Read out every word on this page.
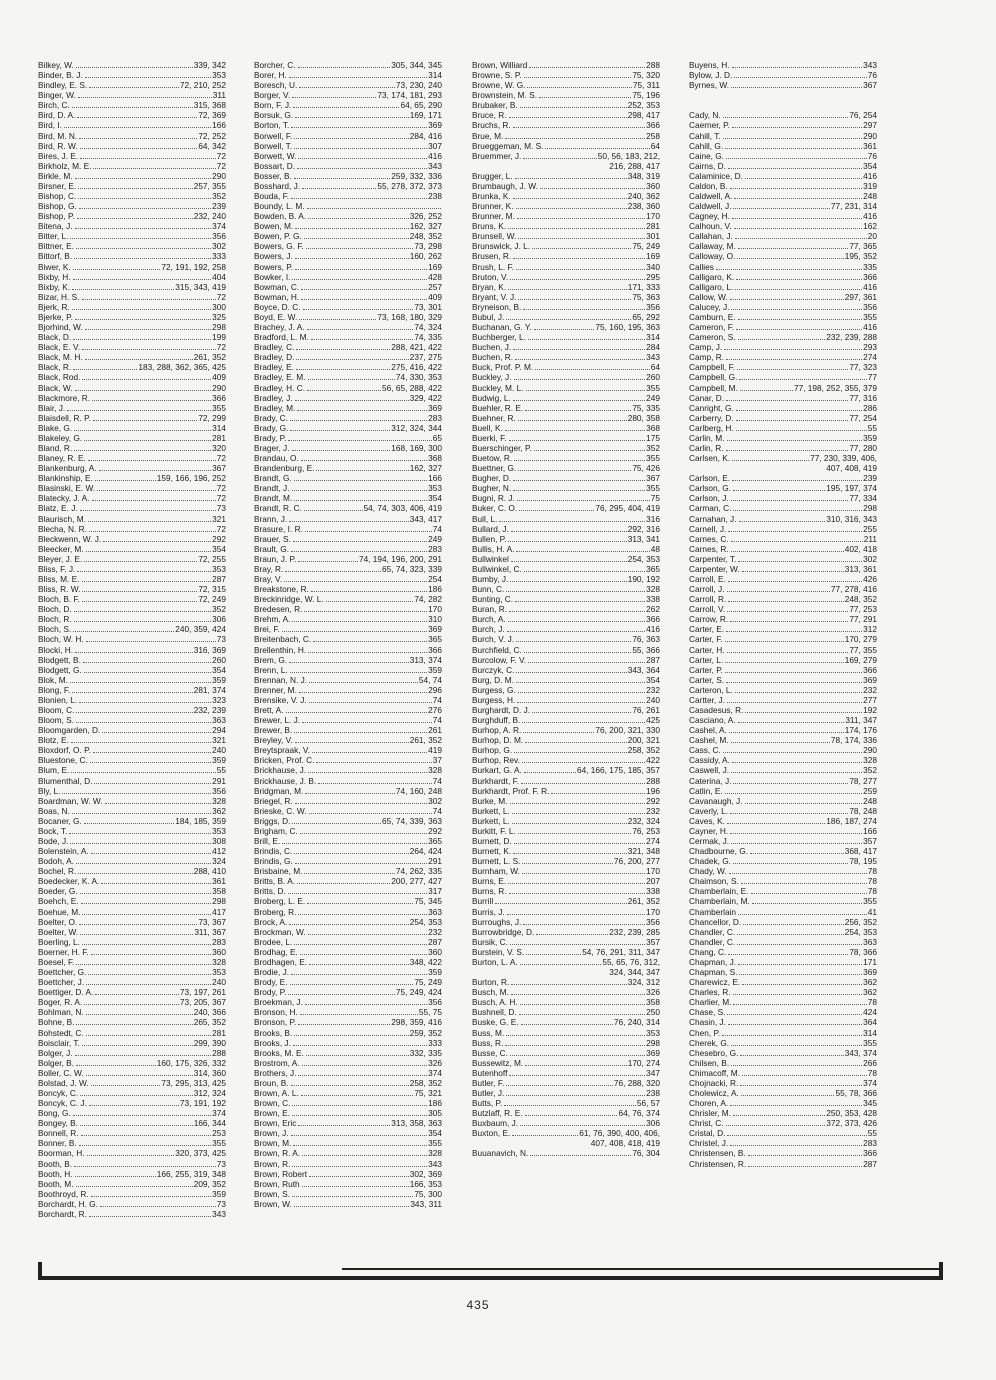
Bilkey, W.	339, 342
Binder, B. J.	353
Bindley, E. S.	72, 210, 252
Binger, W.	311
Birch, C.	315, 368
Bird, D. A.	72, 369
Bird, I.	166
Bird, M. N.	72, 252
Bird, R. W.	64, 342
Bires, J. E.	72
Birkholz, M. E.	72
Birkle, M.	290
Birsner, E.	257, 355
Bishop, C.	352
Bishop, G.	239
Bishop, P.	232, 240
Bitena, J.	374
Bitter, L.	356
Bittner, E.	302
Bittorf, B.	333
Biwer, K.	72, 191, 192, 258
Bixby, H.	404
Bixby, K.	315, 343, 419
Bizar, H. S.	72
Bjerk, R.	300
Bjerke, P.	325
Bjorhind, W.	298
Black, D.	199
Black, E. V.	72
Black, M. H.	261, 352
Black, R.	183, 288, 362, 365, 425
Black, Rod.	409
Black, W.	290
Blackmore, R.	366
Blair, J.	355
Blaisdell, R. P.	72, 299
Blake, G.	314
Blakeley, G.	281
Bland, R.	320
Blaney, R. E.	72
Blankenburg, A.	367
Blankinship, E.	159, 166, 196, 252
Blasinski, E. W.	72
Blatecky, J. A.	72
Blatz, E. J.	73
Blaurisch, M.	321
Blecha, N. R.	72
Bleckwenn, W. J.	292
Bleecker, M.	354
Bleyer, J. E.	72, 255
Bliss, F. J.	353
Bliss, M. E.	287
Bliss, R. W.	72, 315
Bloch, B. F.	72, 249
Bloch, D.	352
Bloch, R.	306
Bloch, S.	240, 359, 424
Bloch, W. H.	73
Blocki, H.	316, 369
Blodgett, B.	260
Blodgett, G.	354
Blok, M.	359
Blong, F.	281, 374
Blonien, L.	323
Bloom, C.	232, 239
Bloom, S.	363
Bloomgarden, D.	294
Blotz, E.	321
Bloxdorf, O. P.	240
Bluestone, C.	359
Blum, E.	55
Blumenthal, D.	291
Bly, L.	356
Boardman, W. W.	328
Boas, N.	362
Bocaner, G.	184, 185, 359
Bock, T.	353
Bode, J.	308
Bolenstein, A.	412
Bodoh, A.	324
Bochel, R.	288, 410
Boedecker, K. A.	361
Boeder, G.	358
Boehch, E.	298
Boehue, M.	417
Boelter, O.	73, 367
Boelter, W.	311, 367
Boerling, L.	283
Boerner, H. F.	360
Boesel, F.	328
Boettcher, G.	353
Boettcher, J.	240
Boettiger, D. A.	73, 197, 261
Boger, R. A.	73, 205, 367
Bohlman, N.	240, 366
Bohne, B.	265, 352
Bohstedt, C.	281
Boisclair, T.	299, 390
Bolger, J.	288
Bolger, B.	160, 175, 326, 332
Boller, C. W.	314, 360
Bolstad, J. W.	73, 295, 313, 425
Boncyk, C.	312, 324
Boncyk, C. J.	73, 191, 192
Bong, G.	374
Bongey, B.	166, 344
Bonnell, R.	253
Bonner, B.	355
Boorman, H.	320, 373, 425
Booth, B.	73
Booth, H.	166, 255, 319, 348
Booth, M.	209, 352
Boothroyd, R.	359
Borchardt, H. G.	73
Borchardt, R.	343
Borcher, C.	305, 344, 345
Borer, H.	314
Boresch, U.	73, 230, 240
Borger, V.	73, 174, 181, 293
Born, F. J.	64, 65, 290
Borsuk, G.	169, 171
Borton, T.	369
Borwell, F.	284, 416
Borwell, T.	307
Borwett, W.	416
Bossart, D.	343
Bosser, B.	259, 332, 336
Bosshard, J.	55, 278, 372, 373
Bouda, F.	238
Boundy, L. M.
Bowden, B. A.	326, 252
Bowen, M.	162, 327
Bowen, P. G.	248, 352
Bowers, G. F.	73, 298
Bowers, J.	160, 262
Bowers, P.	169
Bowker, I.	428
Bowman, C.	257
Bowman, H.	409
Boyce, D. C.	73, 301
Boyd, E. W.	73, 168, 180, 329
Brachey, J. A.	74, 324
Bradford, L. M.	74, 335
Bradley, C.	288, 421, 422
Bradley, D.	237, 275
Bradley, E.	275, 416, 422
Bradley, E. M.	74, 330, 353
Bradley, H. C.	56, 65, 288, 422
Bradley, J.	329, 422
Bradley, M.	369
Brady, C.	283
Brady, G.	312, 324, 344
Brady, P.	65
Brager, J.	168, 169, 300
Brandau, O.	368
Brandenburg, E.	162, 327
Brandt, G.	166
Brandt, J.	353
Brandt, M.	354
Brandt, R. C.	54, 74, 303, 406, 419
Brann, J.	343, 417
Brasure, I. R.	74
Brauer, S.	249
Brault, G.	283
Braun, J. P.	74, 194, 196, 200, 291
Bray, R.	65, 74, 323, 339
Bray, V.	254
Breakstone, R.	186
Breckinridge, W. L.	74, 282
Bredesen, R.	170
Brehm, A.	310
Brei, F.	369
Breitenbach, C.	365
Brellenthin, H.	366
Brem, G.	313, 374
Brenn, L.	359
Brennan, N. J.	54, 74
Brenner, M.	296
Brensike, V. J.	74
Brett, A.	276
Brewer, L. J.	74
Brewer, B.	261
Breyley, V.	261, 352
Breytspraak, V.	419
Bricken, Prof. C.	37
Brickhause, J.	328
Brickhause, J. B.	74
Bridgman, M.	74, 160, 248
Briegel, R.	302
Brieske, C. W.	74
Briggs, D.	65, 74, 339, 363
Brigham, C.	292
Brill, E.	365
Brindis, C.	264, 424
Brindis, G.	291
Brisbaine, M.	74, 262, 335
Britts, B. A.	200, 277, 427
Britts, D.	317
Broberg, L. E.	75, 345
Broberg, R.	363
Brock, A.	254, 353
Brockman, W.	232
Brodee, L.	287
Brodhag, E.	360
Brodhagen, E.	348, 422
Brodie, J.	359
Brody, E.	75, 249
Brody, P.	75, 249, 424
Broekman, J.	356
Bronson, H.	55, 75
Bronson, P.	298, 359, 416
Brooks, B.	259, 352
Brooks, J.	333
Brooks, M. E.	332, 335
Brostrom, A.	326
Brothers, J.	374
Broun, B.	258, 352
Brown, A. L.	75, 321
Brown, C.	186
Brown, E.	305
Brown, Eric	313, 358, 363
Brown, J.	354
Brown, M.	355
Brown, R. A.	328
Brown, R.	343
Brown, Robert	302, 369
Brown, Ruth	166, 353
Brown, S.	75, 300
Brown, W.	343, 311
Brown, Williard	288
Browne, S. P.	75, 320
Browne, W. G.	75, 311
Brownstein, M. S.	75, 196
Brubaker, B.	252, 353
Bruce, R.	298, 417
Bruchs, R.	366
Brue, M.	258
Brueggeman, M. S.	64
Bruemmer, J.	50, 56, 183, 212,
216, 288, 417
Brugger, L.	348, 319
Brumbaugh, J. W.	360
Brunka, K.	240, 362
Brunner, K.	238, 360
Brunner, M.	170
Bruns, K.	281
Brunsell, W.	301
Brunswick, J. L.	75, 249
Brusen, R.	169
Brush, L. F.	340
Bruton, V.	295
Bryan, K.	171, 333
Bryant, V. J.	75, 363
Bryneison, B.	356
Bubul, J.	65, 292
Buchanan, G. Y.	75, 160, 195, 363
Buchberger, L.	314
Buchen, J.	284
Buchen, R.	343
Buck, Prof. P. M.	64
Buckley, J.	260
Buckley, M. L.	355
Budwig, L.	249
Buehler, R. E.	75, 335
Buehner, R.	280, 358
Buell, K.	368
Buerki, F.	175
Buerschinger, P.	352
Buetow, R.	355
Buettner, G.	75, 426
Bugher, D.	367
Bugher, N.	355
Bugni, R. J.	75
Buker, C. O.	76, 295, 404, 419
Bull, L.	316
Bullard, J.	292, 316
Bullen, P.	313, 341
Bullis, H. A.	48
Bullwinkel	254, 353
Bullwinkel, C.	365
Bumby, J.	190, 192
Bunn, C.	328
Bunting, C.	338
Buran, R.	262
Burch, A.	366
Burch, J.	416
Burch, V. J.	76, 363
Burchfield, C.	55, 366
Burcolow, F. V.	287
Burczyk, C.	343, 364
Burg, D. M.	354
Burgess, G.	232
Burgess, H.	240
Burghardt, D. J.	76, 261
Burghduff, B.	425
Burhop, A. R.	76, 200, 321, 330
Burhop, D. M.	200, 321
Burhop, G.	258, 352
Burhop, Rev.	422
Burkart, G. A.	64, 166, 175, 185, 357
Burkhardt, F.	288
Burkhardt, Prof. F. R.	196
Burke, M.	292
Burkett, L.	232
Burkett, L.	232, 324
Burkitt, F. L.	76, 253
Burnett, D.	274
Burnett, K.	321, 348
Burnett, L. S.	76, 200, 277
Burnham, W.	170
Burns, E.	207
Burns, R.	338
Burrill	261, 352
Burris, J.	170
Burroughs, J.	356
Burrowbridge, D.	232, 239, 285
Bursik, C.	357
Burstein, V. S.	54, 76, 291, 311, 347
Burton, L. A.	55, 65, 76, 312,
324, 344, 347
Burton, R.	324, 312
Busch, M.	326
Busch, A. H.	358
Bushnell, D.	250
Buske, G. E.	76, 240, 314
Buss, M.	353
Buss, R.	298
Busse, C.	369
Bussewitz, M.	170, 274
Butenhoff	347
Butler, F.	76, 288, 320
Butler, J.	238
Butts, P.	56, 57
Butzlaff, R. E.	64, 76, 374
Buxbaum, J.	306
Buxton, E.	61, 76, 390, 400, 406,
407, 408, 418, 419
Buuanavich, N.	76, 304
Buyens, H.	343
Bylow, J. D.	76
Byrnes, W.	367

Cady, N.	76, 254
Caerner, P.	297
Cahill, T.	290
Cahill, G.	361
Caine, G.	76
Cairns, D.	354
Calaminice, D.	416
Caldon, B.	319
Caldwell, A.	248
Caldwell, J.	77, 231, 314
Cagney, H.	416
Calhoun, V.	162
Callahan, J.	20
Callaway, M.	77, 365
Calloway, O.	195, 352
Callies	335
Calligaro, K.	366
Calligaro, L.	416
Callow, W.	297, 361
Calucey, J.	356
Camburn, E.	355
Cameron, F.	416
Cameron, S.	232, 239, 288
Camp, J.	293
Camp, R.	274
Campbell, F.	77, 323
Campbell, G.	77
Campbell, M.	77, 198, 252, 355, 379
Canar, D.	77, 316
Canright, G.	286
Carberry, D.	77, 254
Carlberg, H.	55
Carlin, M.	359
Carlin, R.	77, 280
Carlsen, K.	77, 230, 339, 406,
407, 408, 419
Carlson, E.	239
Carlson, G.	195, 197, 374
Carlson, J.	77, 334
Carman, C.	298
Carnahan, J.	310, 316, 343
Carnell, J.	255
Carnes, C.	211
Carnes, R.	402, 418
Carpenter, T.	302
Carpenter, W.	313, 361
Carroll, E.	426
Carroll, J.	77, 278, 416
Carroll, R.	248, 352
Carroll, V.	77, 253
Carrow, R.	77, 291
Carter, E.	312
Carter, F.	170, 279
Carter, H.	77, 355
Carter, L.	169, 279
Carter, P.	366
Carter, S.	369
Carteron, L.	232
Cartter, J.	277
Casadesus, R.	192
Casciano, A.	311, 347
Cashel, A.	174, 176
Cashel, M.	78, 174, 336
Cass, C.	290
Cassidy, A.	328
Caswell, J.	352
Caterina, J.	78, 277
Catlin, E.	259
Cavanaugh, J.	248
Caverly, L.	78, 248
Caves, K.	186, 187, 274
Cayner, H.	166
Cermak, J.	357
Chadbourne, G.	368, 417
Chadek, G.	78, 195
Chady, W.	78
Chaimson, S.	78
Chamberlain, E.	78
Chamberlain, M.	355
Chamberlain	41
Chancellor, D.	256, 352
Chandler, C.	254, 353
Chandler, C.	363
Chang, C.	78, 366
Chapman, J.	171
Chapman, S.	369
Charewicz, E.	362
Charles, R.	362
Charlier, M.	78
Chase, S.	424
Chasin, J.	364
Chen, P.	314
Cherek, G.	355
Chesebro, G.	343, 374
Chilsen, B.	266
Chimacoff, M.	78
Chojnacki, R.	374
Cholewicz, A.	55, 78, 366
Choren, A.	345
Chrisler, M.	250, 353, 428
Christ, C.	372, 373, 426
Cristal, D.	55
Christel, J.	283
Christensen, B.	366
Christensen, R.	287
435
